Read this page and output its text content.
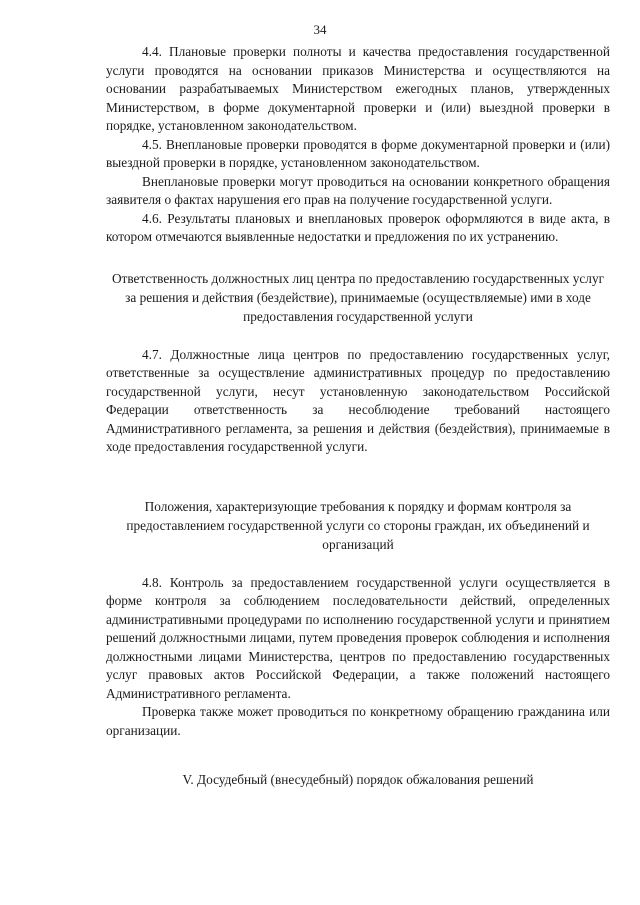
34

4.4. Плановые проверки полноты и качества предоставления государственной услуги проводятся на основании приказов Министерства и осуществляются на основании разрабатываемых Министерством ежегодных планов, утвержденных Министерством, в форме документарной проверки и (или) выездной проверки в порядке, установленном законодательством.

4.5. Внеплановые проверки проводятся в форме документарной проверки и (или) выездной проверки в порядке, установленном законодательством.

Внеплановые проверки могут проводиться на основании конкретного обращения заявителя о фактах нарушения его прав на получение государственной услуги.

4.6. Результаты плановых и внеплановых проверок оформляются в виде акта, в котором отмечаются выявленные недостатки и предложения по их устранению.

Ответственность должностных лиц центра по предоставлению государственных услуг за решения и действия (бездействие), принимаемые (осуществляемые) ими в ходе предоставления государственной услуги

4.7. Должностные лица центров по предоставлению государственных услуг, ответственные за осуществление административных процедур по предоставлению государственной услуги, несут установленную законодательством Российской Федерации ответственность за несоблюдение требований настоящего Административного регламента, за решения и действия (бездействия), принимаемые в ходе предоставления государственной услуги.

Положения, характеризующие требования к порядку и формам контроля за предоставлением государственной услуги со стороны граждан, их объединений и организаций

4.8. Контроль за предоставлением государственной услуги осуществляется в форме контроля за соблюдением последовательности действий, определенных административными процедурами по исполнению государственной услуги и принятием решений должностными лицами, путем проведения проверок соблюдения и исполнения должностными лицами Министерства, центров по предоставлению государственных услуг правовых актов Российской Федерации, а также положений настоящего Административного регламента.

Проверка также может проводиться по конкретному обращению гражданина или организации.

V. Досудебный (внесудебный) порядок обжалования решений
